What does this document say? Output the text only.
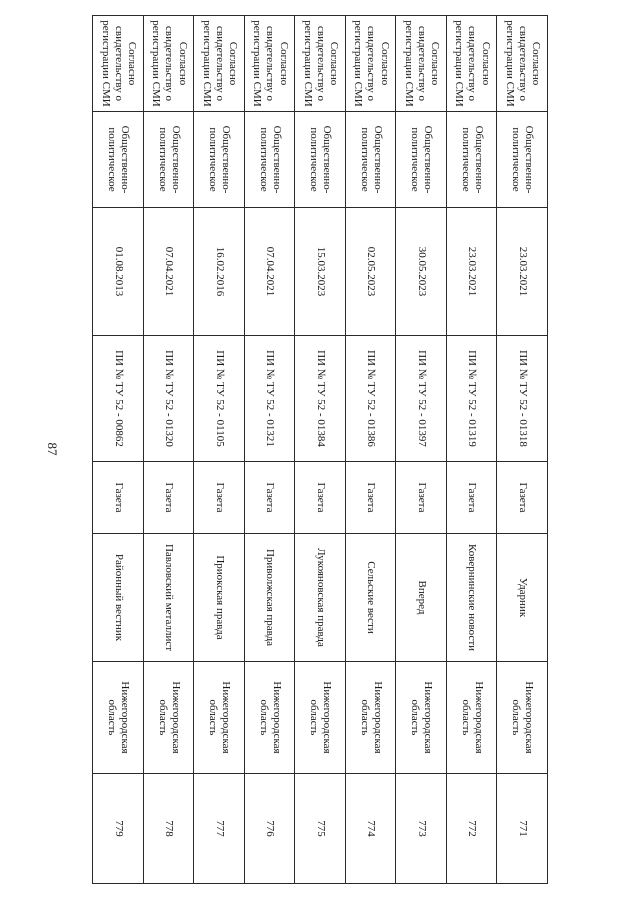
87
Согласно свидетельству о регистрации СМИ	Общественно-политическое	23.03.2021	ПИ № ТУ 52 - 01318	Газета	Ударник	Нижегородская область	771
Согласно свидетельству о регистрации СМИ	Общественно-политическое	23.03.2021	ПИ № ТУ 52 - 01319	Газета	Ковернинские новости	Нижегородская область	772
Согласно свидетельству о регистрации СМИ	Общественно-политическое	30.05.2023	ПИ № ТУ 52 - 01397	Газета	Вперед	Нижегородская область	773
Согласно свидетельству о регистрации СМИ	Общественно-политическое	02.05.2023	ПИ № ТУ 52 - 01386	Газета	Сельские вести	Нижегородская область	774
Согласно свидетельству о регистрации СМИ	Общественно-политическое	15.03.2023	ПИ № ТУ 52 - 01384	Газета	Лукояновская правда	Нижегородская область	775
Согласно свидетельству о регистрации СМИ	Общественно-политическое	07.04.2021	ПИ № ТУ 52 - 01321	Газета	Приволжская правда	Нижегородская область	776
Согласно свидетельству о регистрации СМИ	Общественно-политическое	16.02.2016	ПИ № ТУ 52 - 01105	Газета	Приокская правда	Нижегородская область	777
Согласно свидетельству о регистрации СМИ	Общественно-политическое	07.04.2021	ПИ № ТУ 52 - 01320	Газета	Павловский металлист	Нижегородская область	778
Согласно свидетельству о регистрации СМИ	Общественно-политическое	01.08.2013	ПИ № ТУ 52 - 00862	Газета	Районный вестник	Нижегородская область	779
